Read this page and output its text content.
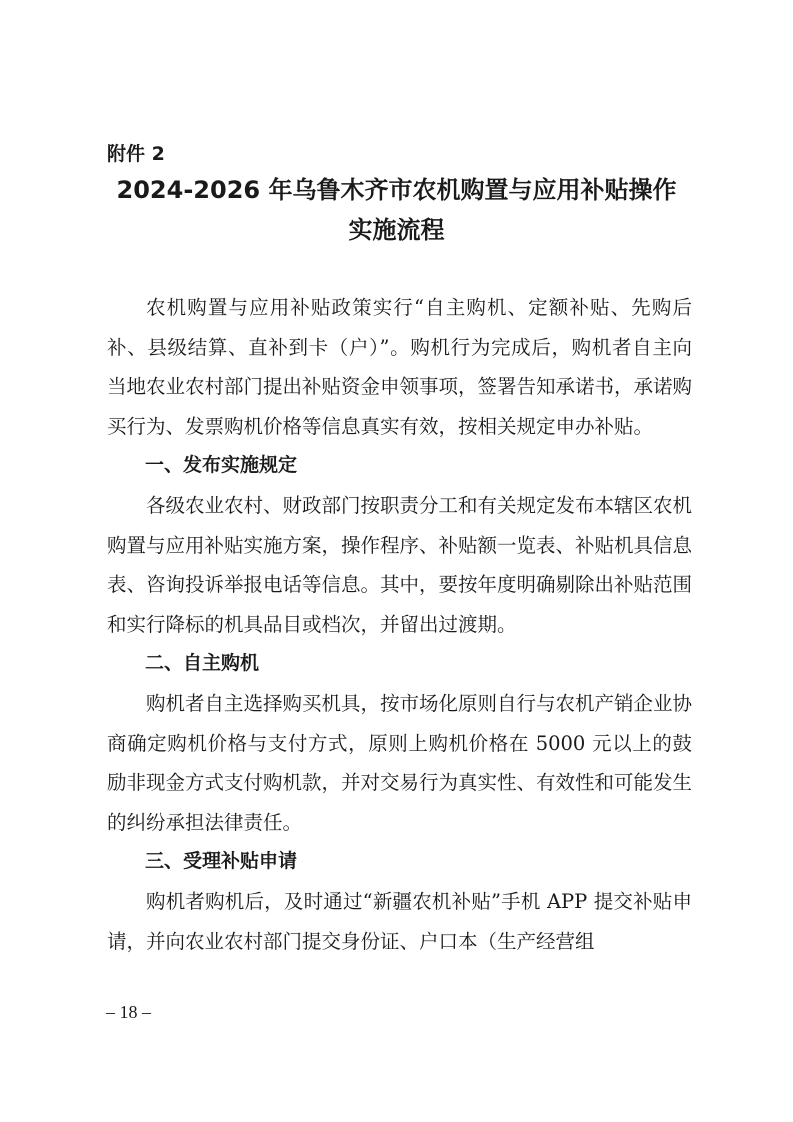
附件 2
2024-2026 年乌鲁木齐市农机购置与应用补贴操作
实施流程

农机购置与应用补贴政策实行“自主购机、定额补贴、先购后补、县级结算、直补到卡（户）”。购机行为完成后，购机者自主向当地农业农村部门提出补贴资金申领事项，签署告知承诺书，承诺购买行为、发票购机价格等信息真实有效，按相关规定申办补贴。

一、发布实施规定

各级农业农村、财政部门按职责分工和有关规定发布本辖区农机购置与应用补贴实施方案，操作程序、补贴额一览表、补贴机具信息表、咨询投诉举报电话等信息。其中，要按年度明确剔除出补贴范围和实行降标的机具品目或档次，并留出过渡期。

二、自主购机

购机者自主选择购买机具，按市场化原则自行与农机产销企业协商确定购机价格与支付方式，原则上购机价格在 5000 元以上的鼓励非现金方式支付购机款，并对交易行为真实性、有效性和可能发生的纠纷承担法律责任。

三、受理补贴申请

购机者购机后，及时通过“新疆农机补贴”手机 APP 提交补贴申请，并向农业农村部门提交身份证、户口本（生产经营组

– 18 –
